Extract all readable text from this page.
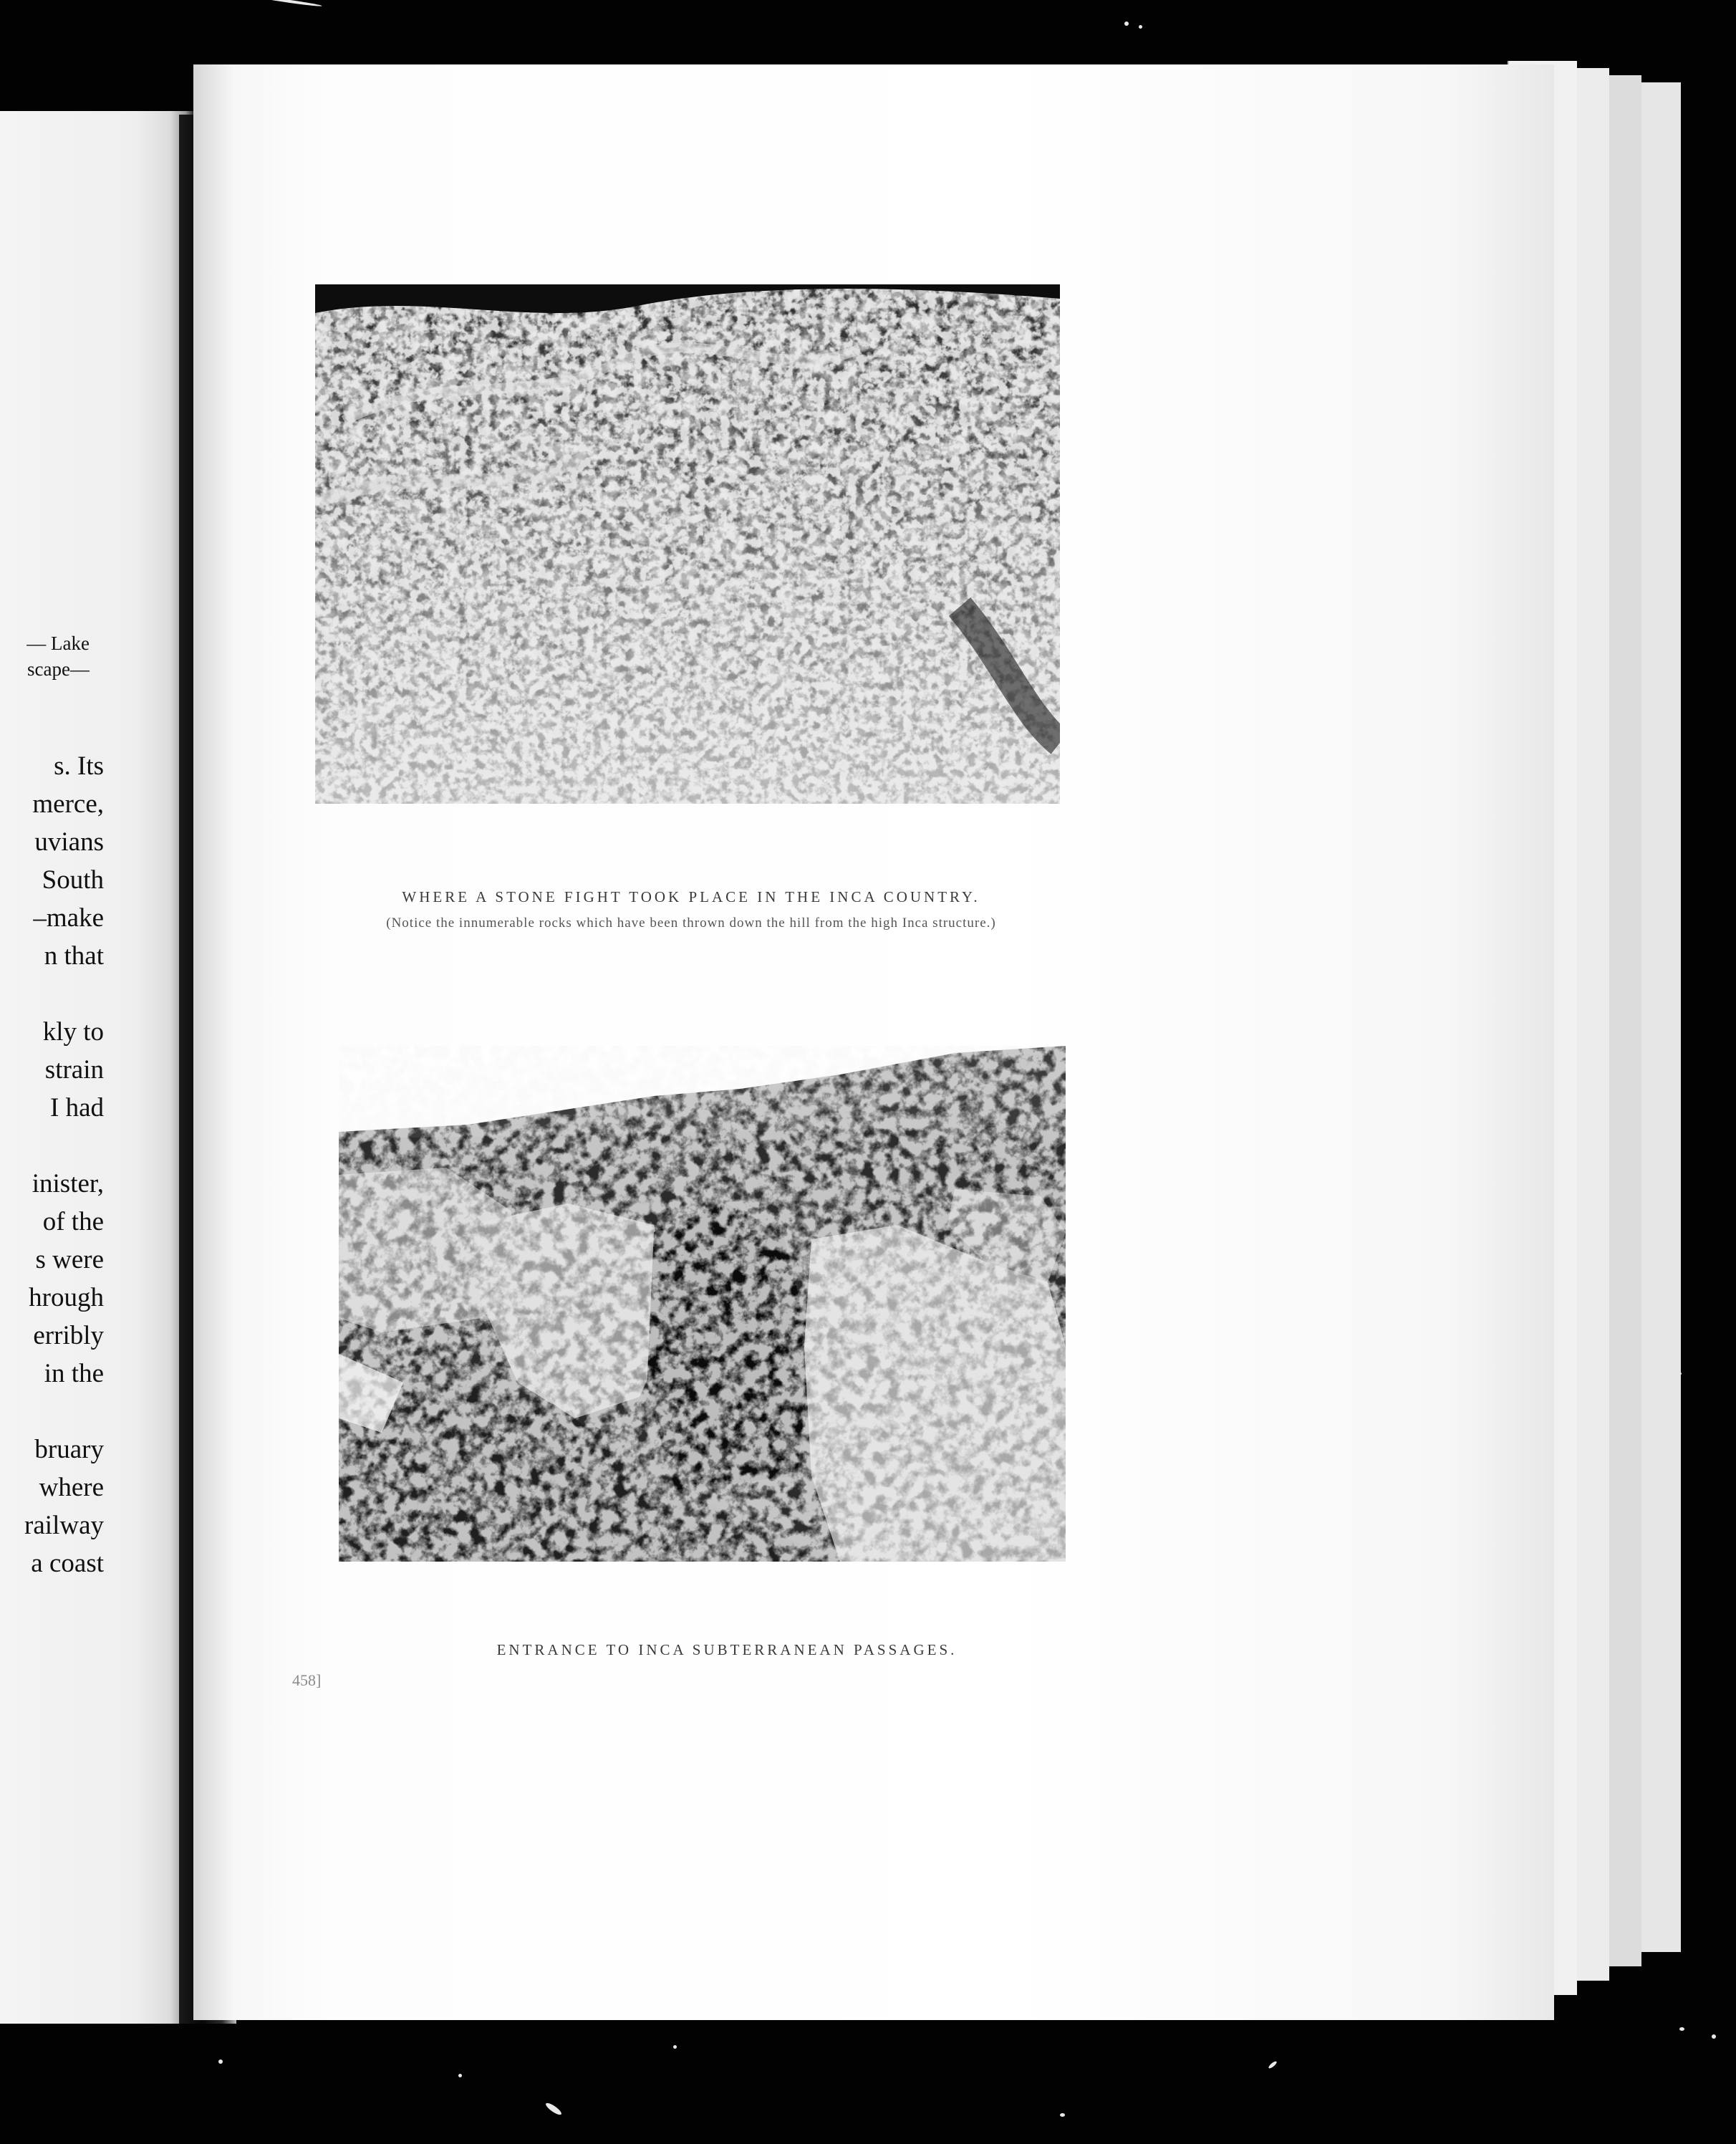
— Lake
scape—
s. Its
merce,
uvians
South
–make
n that
kly to
strain
I had
inister,
of the
s were
hrough
erribly
in the
bruary
where
railway
a coast
WHERE A STONE FIGHT TOOK PLACE IN THE INCA COUNTRY.
(Notice the innumerable rocks which have been thrown down the hill from the high Inca structure.)
ENTRANCE TO INCA SUBTERRANEAN PASSAGES.
458]
